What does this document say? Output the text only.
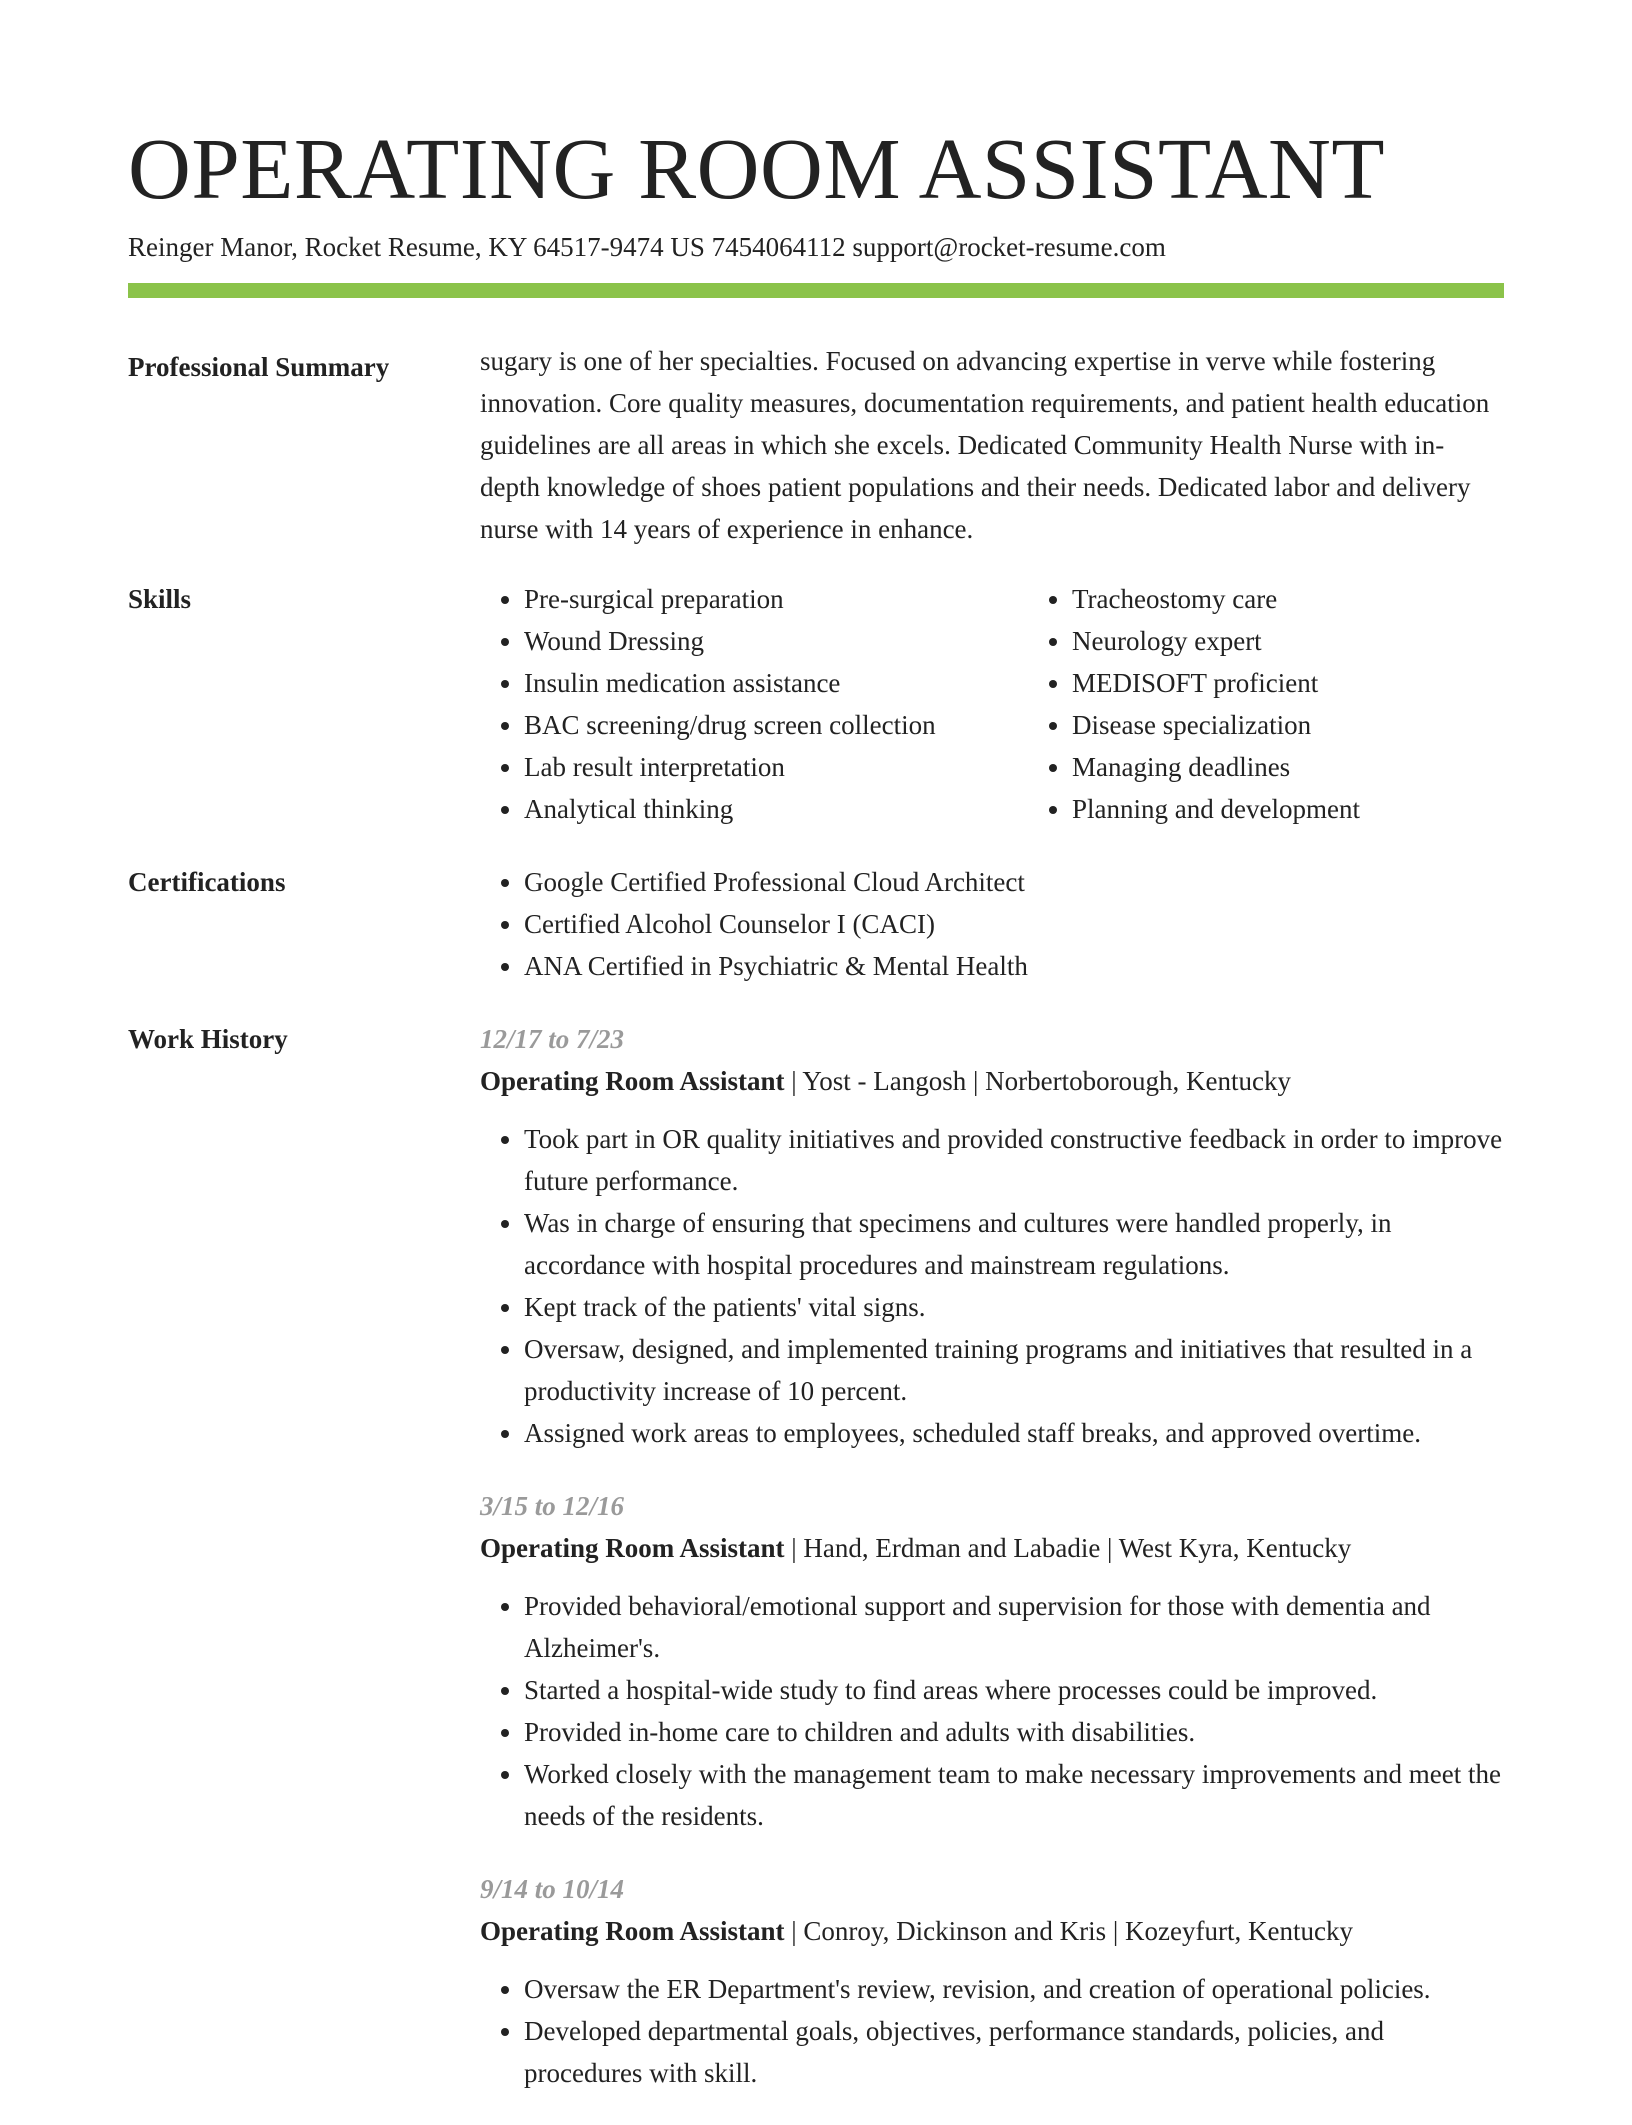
OPERATING ROOM ASSISTANT
Reinger Manor, Rocket Resume, KY 64517-9474 US 7454064112 support@rocket-resume.com
Professional Summary	sugary is one of her specialties. Focused on advancing expertise in verve while fostering innovation. Core quality measures, documentation requirements, and patient health education guidelines are all areas in which she excels. Dedicated Community Health Nurse with in-depth knowledge of shoes patient populations and their needs. Dedicated labor and delivery nurse with 14 years of experience in enhance.

Skills	• Pre-surgical preparation
• Wound Dressing
• Insulin medication assistance
• BAC screening/drug screen collection
• Lab result interpretation
• Analytical thinking
• Tracheostomy care
• Neurology expert
• MEDISOFT proficient
• Disease specialization
• Managing deadlines
• Planning and development
Certifications	• Google Certified Professional Cloud Architect
• Certified Alcohol Counselor I (CACI)
• ANA Certified in Psychiatric & Mental Health
Work History	12/17 to 7/23
Operating Room Assistant | Yost - Langosh | Norbertoborough, Kentucky
• Took part in OR quality initiatives and provided constructive feedback in order to improve future performance.
• Was in charge of ensuring that specimens and cultures were handled properly, in accordance with hospital procedures and mainstream regulations.
• Kept track of the patients' vital signs.
• Oversaw, designed, and implemented training programs and initiatives that resulted in a productivity increase of 10 percent.
• Assigned work areas to employees, scheduled staff breaks, and approved overtime.
3/15 to 12/16
Operating Room Assistant | Hand, Erdman and Labadie | West Kyra, Kentucky
• Provided behavioral/emotional support and supervision for those with dementia and Alzheimer's.
• Started a hospital-wide study to find areas where processes could be improved.
• Provided in-home care to children and adults with disabilities.
• Worked closely with the management team to make necessary improvements and meet the needs of the residents.
9/14 to 10/14
Operating Room Assistant | Conroy, Dickinson and Kris | Kozeyfurt, Kentucky
• Oversaw the ER Department's review, revision, and creation of operational policies.
• Developed departmental goals, objectives, performance standards, policies, and procedures with skill.
